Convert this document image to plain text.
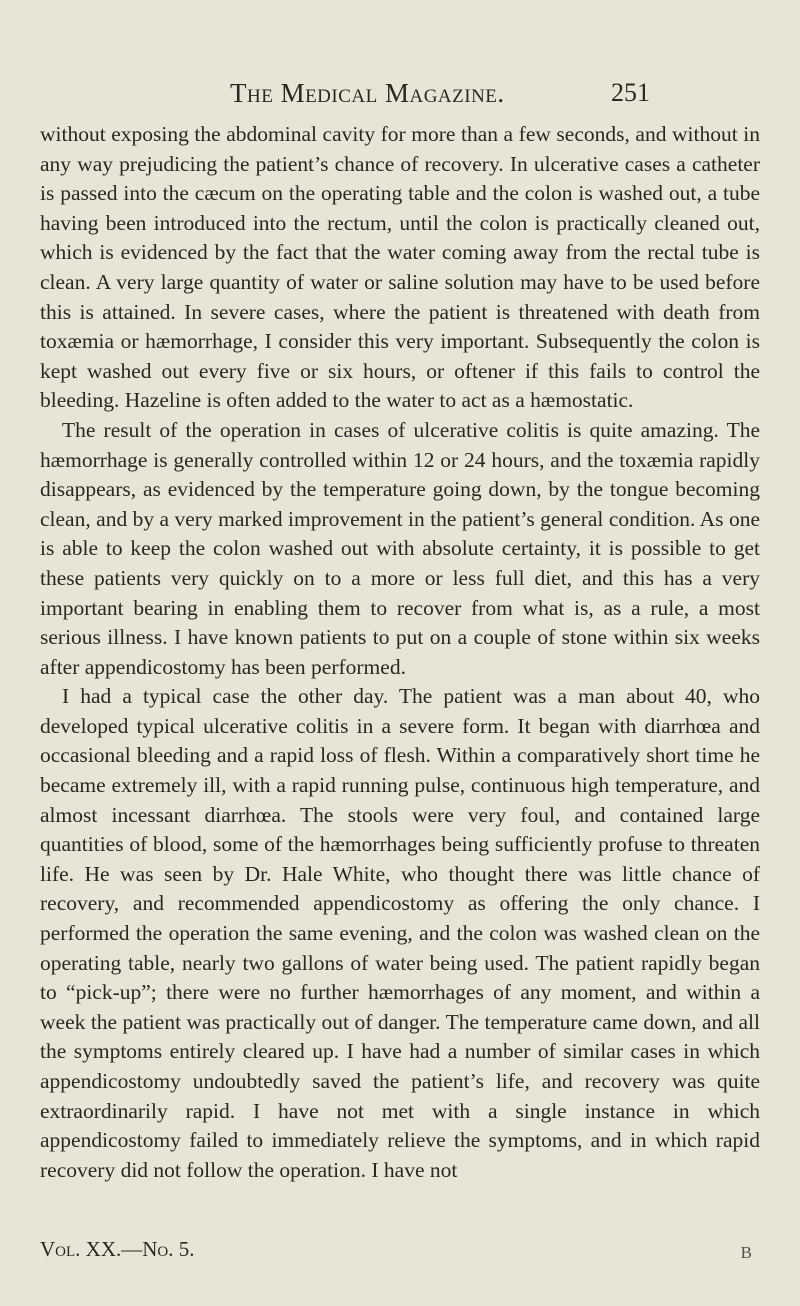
The Medical Magazine.	251

without exposing the abdominal cavity for more than a few seconds, and without in any way prejudicing the patient’s chance of recovery. In ulcerative cases a catheter is passed into the cæcum on the operating table and the colon is washed out, a tube having been introduced into the rectum, until the colon is practically cleaned out, which is evidenced by the fact that the water coming away from the rectal tube is clean. A very large quantity of water or saline solution may have to be used before this is attained. In severe cases, where the patient is threatened with death from toxæmia or hæmorrhage, I consider this very important. Subsequently the colon is kept washed out every five or six hours, or oftener if this fails to control the bleeding. Hazeline is often added to the water to act as a hæmostatic.

The result of the operation in cases of ulcerative colitis is quite amazing. The hæmorrhage is generally controlled within 12 or 24 hours, and the toxæmia rapidly disappears, as evidenced by the temperature going down, by the tongue becoming clean, and by a very marked improvement in the patient’s general condition. As one is able to keep the colon washed out with absolute certainty, it is possible to get these patients very quickly on to a more or less full diet, and this has a very important bearing in enabling them to recover from what is, as a rule, a most serious illness. I have known patients to put on a couple of stone within six weeks after appendicostomy has been performed.

I had a typical case the other day. The patient was a man about 40, who developed typical ulcerative colitis in a severe form. It began with diarrhœa and occasional bleeding and a rapid loss of flesh. Within a comparatively short time he became extremely ill, with a rapid running pulse, continuous high temperature, and almost incessant diarrhœa. The stools were very foul, and contained large quantities of blood, some of the hæmorrhages being sufficiently profuse to threaten life. He was seen by Dr. Hale White, who thought there was little chance of recovery, and recommended appendicostomy as offering the only chance. I performed the operation the same evening, and the colon was washed clean on the operating table, nearly two gallons of water being used. The patient rapidly began to “pick-up”; there were no further hæmorrhages of any moment, and within a week the patient was practically out of danger. The temperature came down, and all the symptoms entirely cleared up. I have had a number of similar cases in which appendicostomy undoubtedly saved the patient’s life, and recovery was quite extraordinarily rapid. I have not met with a single instance in which appendicostomy failed to immediately relieve the symptoms, and in which rapid recovery did not follow the operation. I have not

Vol. XX.—No. 5.	B
